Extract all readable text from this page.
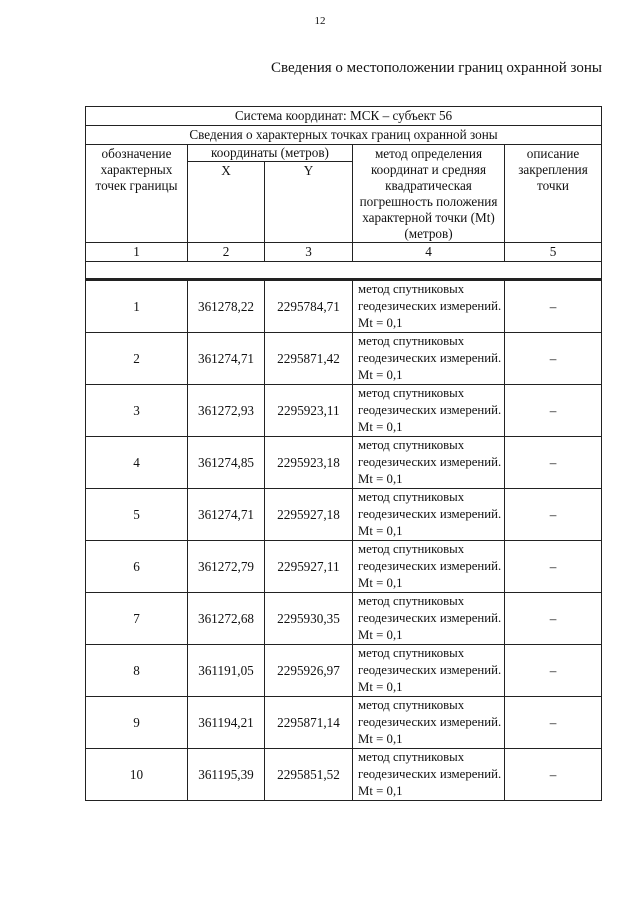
12
Сведения о местоположении границ охранной зоны
Система координат: МСК – субъект 56				
Сведения о характерных точках границ охранной зоны				
обозначение характерных точек границы	координаты (метров)		метод определения координат и средняя квадратическая погрешность положения характерной точки (Mt) (метров)	описание закрепления точки
	X	Y		

1	2	3	4	5

1	361278,22	2295784,71	метод спутниковых геодезических измерений. Mt = 0,1	–
2	361274,71	2295871,42	метод спутниковых геодезических измерений. Mt = 0,1	–
3	361272,93	2295923,11	метод спутниковых геодезических измерений. Mt = 0,1	–
4	361274,85	2295923,18	метод спутниковых геодезических измерений. Mt = 0,1	–
5	361274,71	2295927,18	метод спутниковых геодезических измерений. Mt = 0,1	–
6	361272,79	2295927,11	метод спутниковых геодезических измерений. Mt = 0,1	–
7	361272,68	2295930,35	метод спутниковых геодезических измерений. Mt = 0,1	–
8	361191,05	2295926,97	метод спутниковых геодезических измерений. Mt = 0,1	–
9	361194,21	2295871,14	метод спутниковых геодезических измерений. Mt = 0,1	–
10	361195,39	2295851,52	метод спутниковых геодезических измерений. Mt = 0,1	–
